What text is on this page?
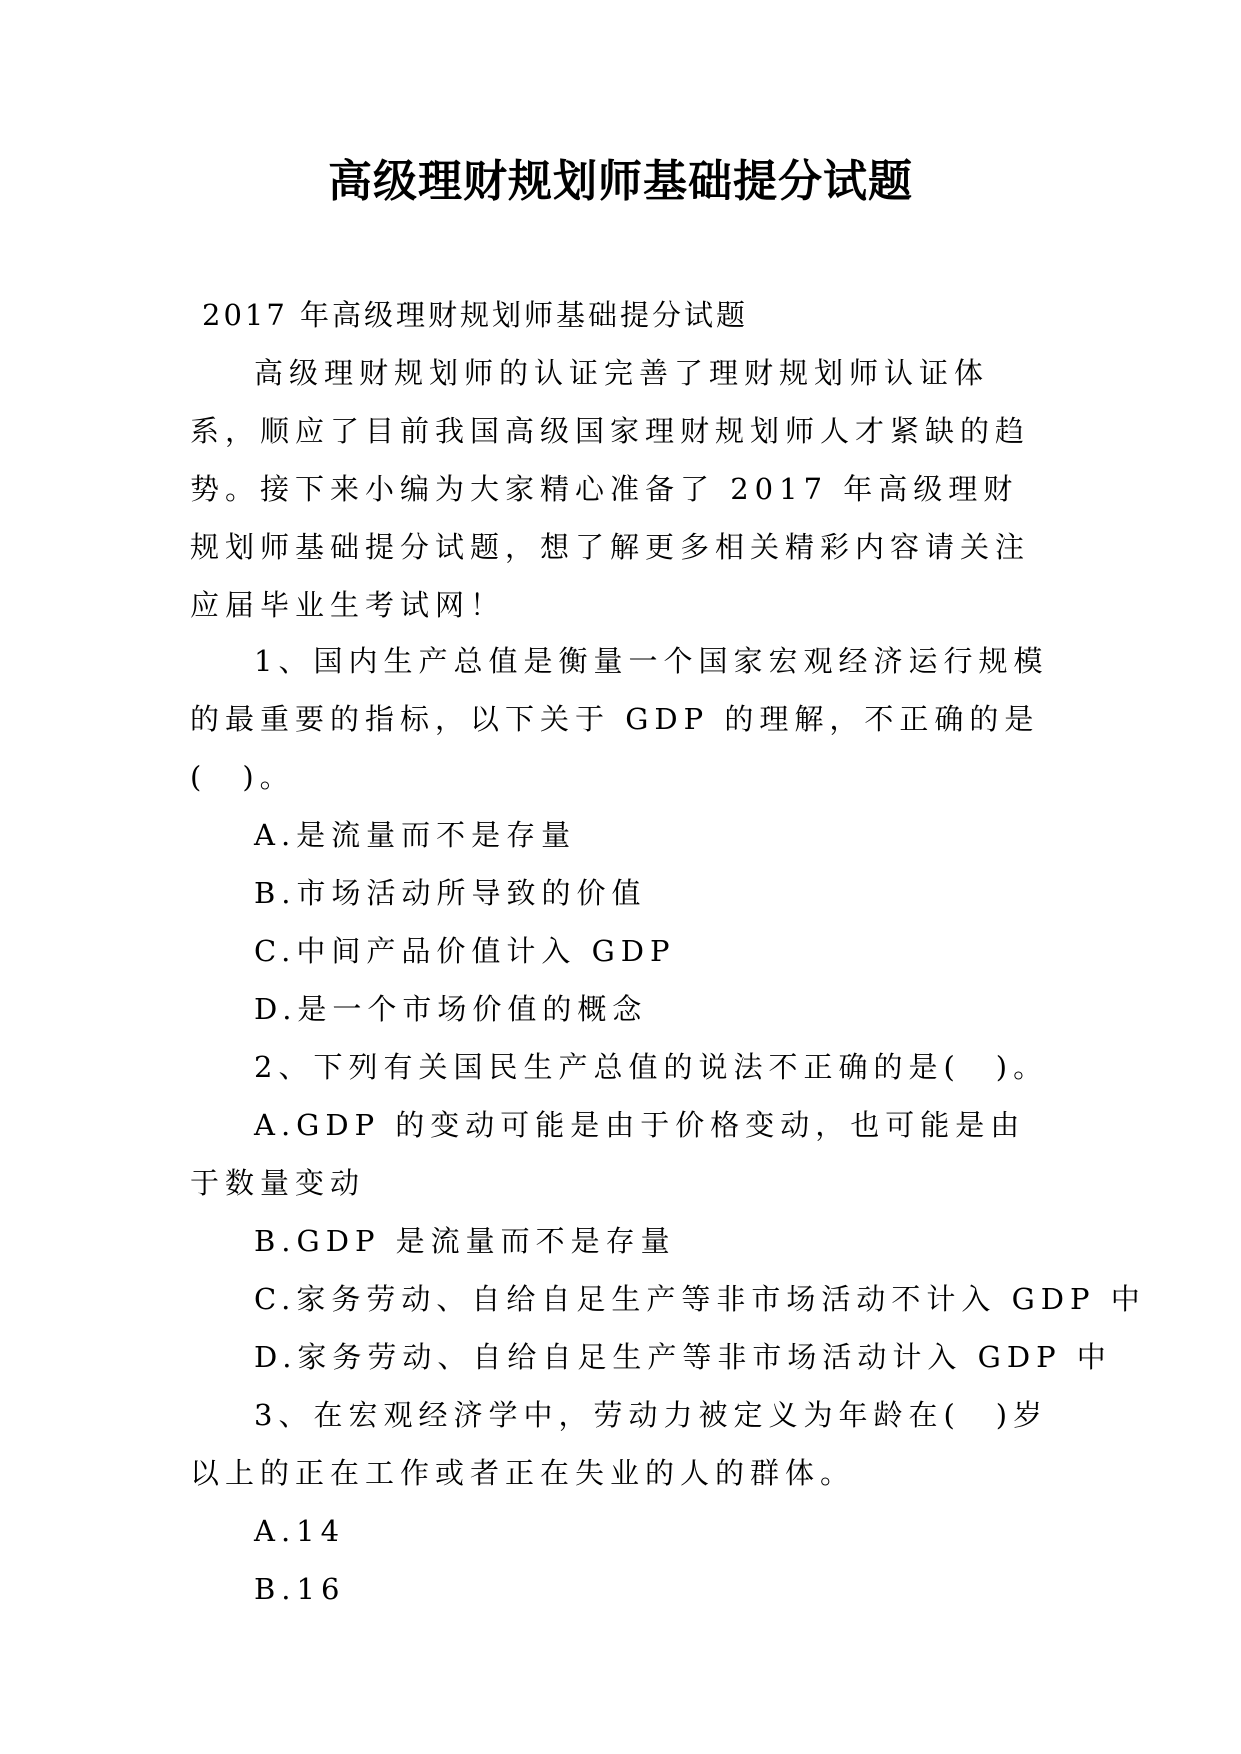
高级理财规划师基础提分试题
2017 年高级理财规划师基础提分试题
高级理财规划师的认证完善了理财规划师认证体系，顺应了目前我国高级国家理财规划师人才紧缺的趋势。接下来小编为大家精心准备了 2017 年高级理财规划师基础提分试题，想了解更多相关精彩内容请关注应届毕业生考试网！

1、国内生产总值是衡量一个国家宏观经济运行规模的最重要的指标，以下关于 GDP 的理解，不正确的是(　)。

A.是流量而不是存量

B.市场活动所导致的价值

C.中间产品价值计入 GDP

D.是一个市场价值的概念

2、下列有关国民生产总值的说法不正确的是(　)。

A.GDP 的变动可能是由于价格变动，也可能是由于数量变动

B.GDP 是流量而不是存量

C.家务劳动、自给自足生产等非市场活动不计入 GDP 中

D.家务劳动、自给自足生产等非市场活动计入 GDP 中

3、在宏观经济学中，劳动力被定义为年龄在(　)岁以上的正在工作或者正在失业的人的群体。

A.14

B.16
